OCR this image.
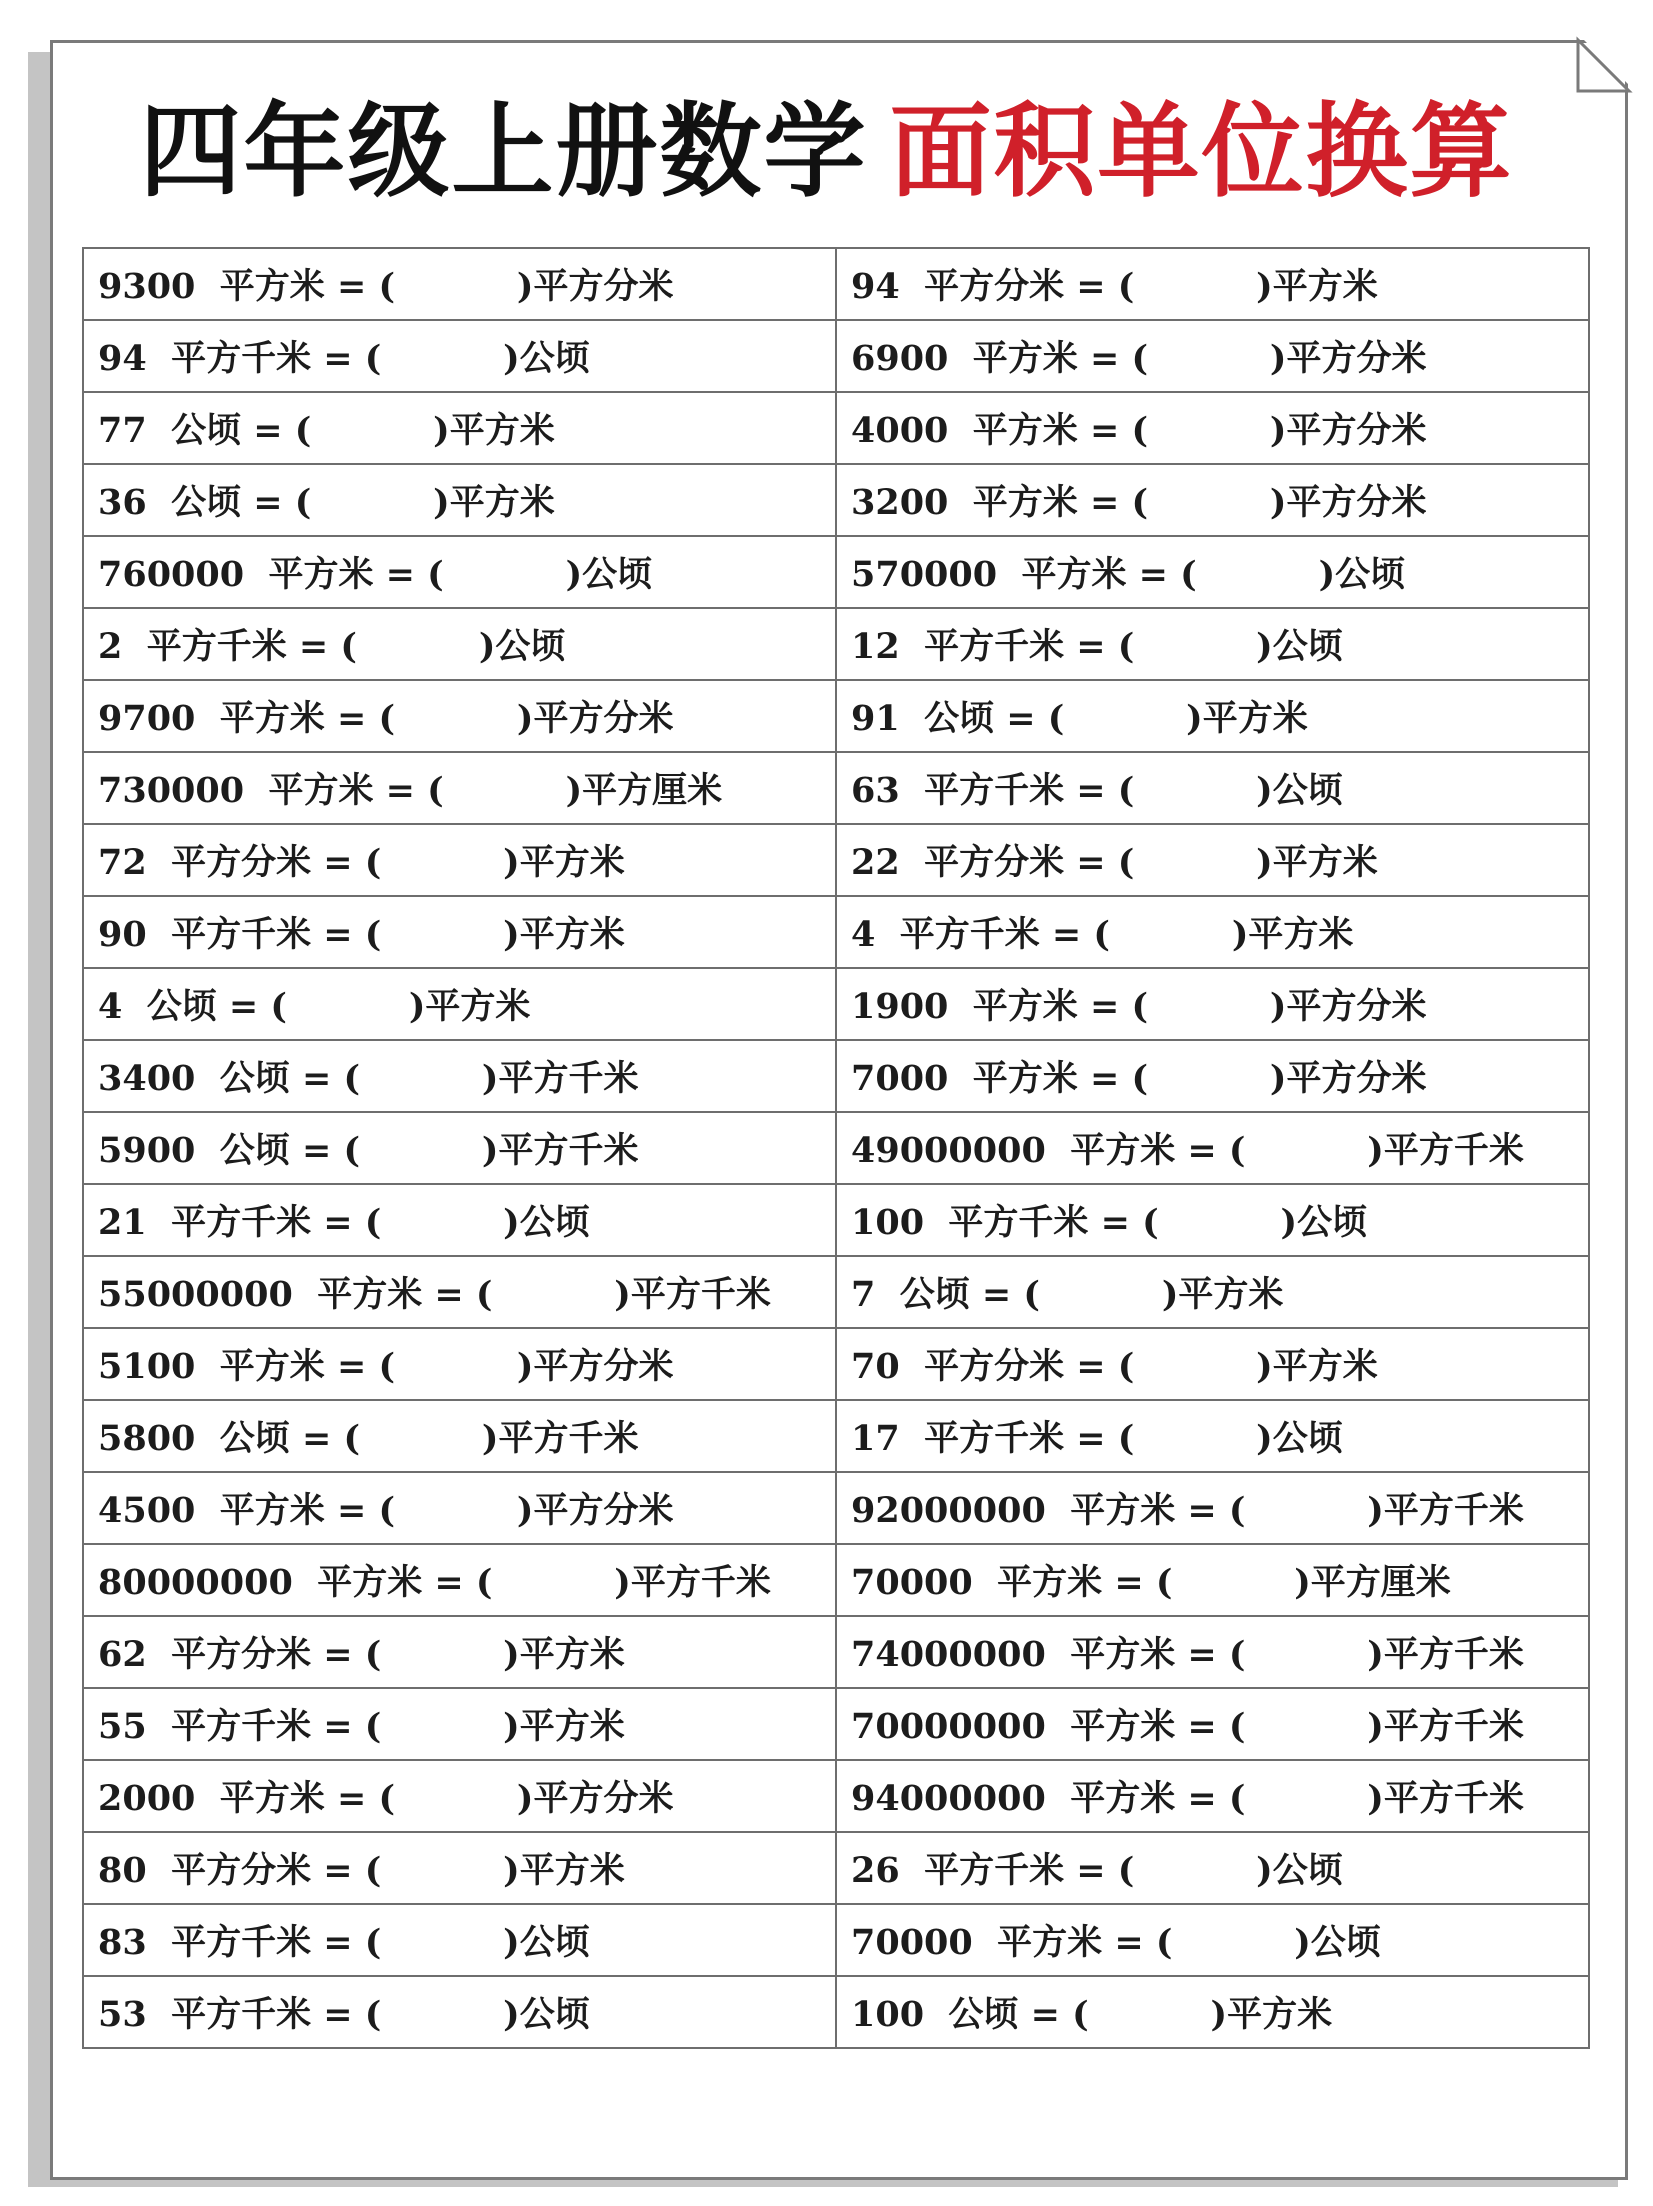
四年级上册数学 面积单位换算
9300  平方米 = (          )平方分米	94  平方分米 = (          )平方米
94  平方千米 = (          )公顷	6900  平方米 = (          )平方分米
77  公顷 = (          )平方米	4000  平方米 = (          )平方分米
36  公顷 = (          )平方米	3200  平方米 = (          )平方分米
760000  平方米 = (          )公顷	570000  平方米 = (          )公顷
2  平方千米 = (          )公顷	12  平方千米 = (          )公顷
9700  平方米 = (          )平方分米	91  公顷 = (          )平方米
730000  平方米 = (          )平方厘米	63  平方千米 = (          )公顷
72  平方分米 = (          )平方米	22  平方分米 = (          )平方米
90  平方千米 = (          )平方米	4  平方千米 = (          )平方米
4  公顷 = (          )平方米	1900  平方米 = (          )平方分米
3400  公顷 = (          )平方千米	7000  平方米 = (          )平方分米
5900  公顷 = (          )平方千米	49000000  平方米 = (          )平方千米
21  平方千米 = (          )公顷	100  平方千米 = (          )公顷
55000000  平方米 = (          )平方千米	7  公顷 = (          )平方米
5100  平方米 = (          )平方分米	70  平方分米 = (          )平方米
5800  公顷 = (          )平方千米	17  平方千米 = (          )公顷
4500  平方米 = (          )平方分米	92000000  平方米 = (          )平方千米
80000000  平方米 = (          )平方千米	70000  平方米 = (          )平方厘米
62  平方分米 = (          )平方米	74000000  平方米 = (          )平方千米
55  平方千米 = (          )平方米	70000000  平方米 = (          )平方千米
2000  平方米 = (          )平方分米	94000000  平方米 = (          )平方千米
80  平方分米 = (          )平方米	26  平方千米 = (          )公顷
83  平方千米 = (          )公顷	70000  平方米 = (          )公顷
53  平方千米 = (          )公顷	100  公顷 = (          )平方米
